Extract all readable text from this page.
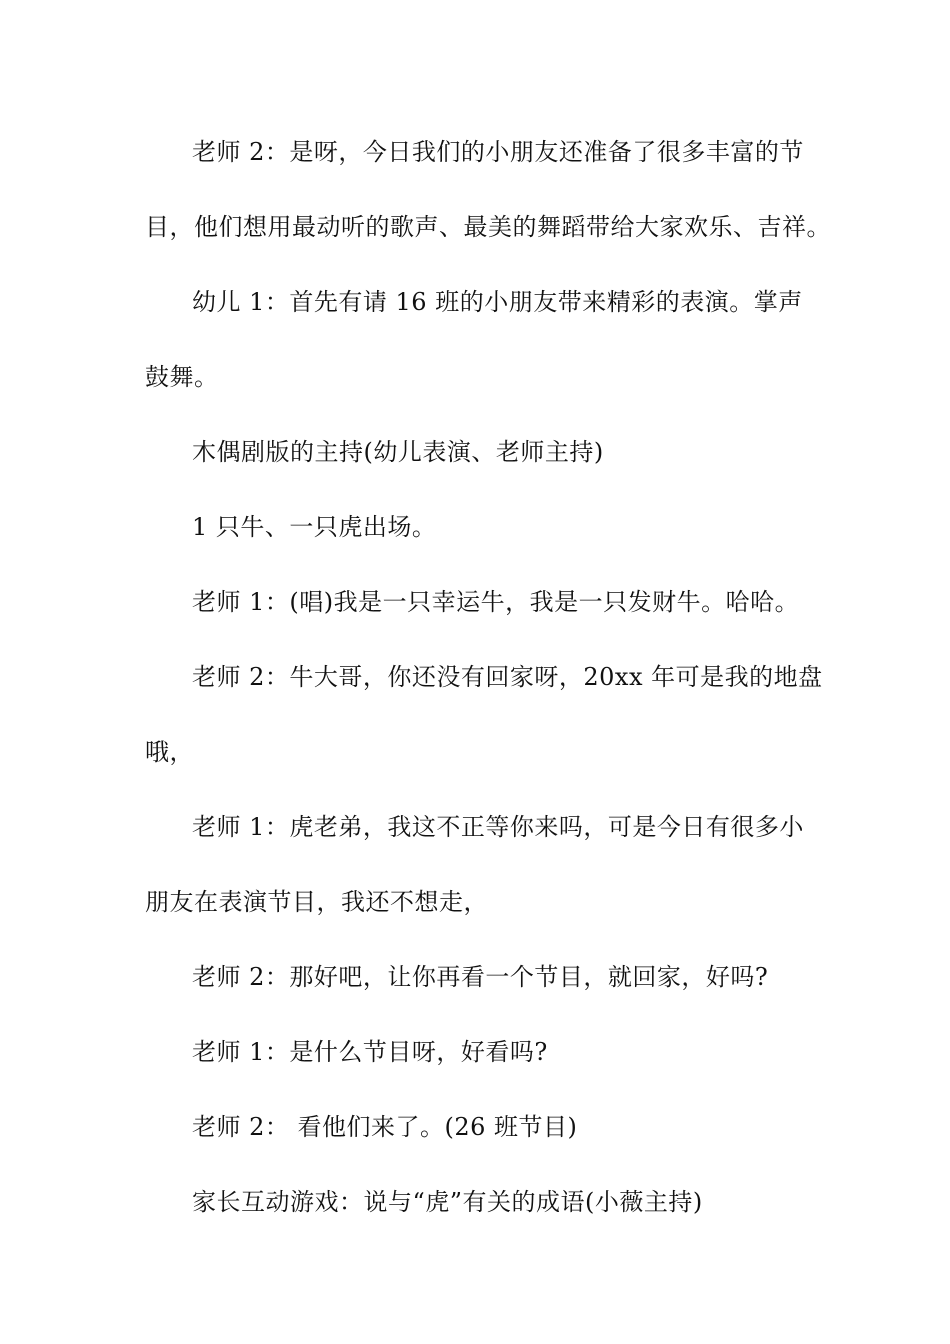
老师 2：是呀，今日我们的小朋友还准备了很多丰富的节
目，他们想用最动听的歌声、最美的舞蹈带给大家欢乐、吉祥。
幼儿 1：首先有请 16 班的小朋友带来精彩的表演。掌声
鼓舞。
木偶剧版的主持(幼儿表演、老师主持)
1 只牛、一只虎出场。
老师 1：(唱)我是一只幸运牛，我是一只发财牛。哈哈。
老师 2：牛大哥，你还没有回家呀，20xx 年可是我的地盘
哦，
老师 1：虎老弟，我这不正等你来吗，可是今日有很多小
朋友在表演节目，我还不想走，
老师 2：那好吧，让你再看一个节目，就回家，好吗?
老师 1：是什么节目呀，好看吗?
老师 2： 看他们来了。(26 班节目)
家长互动游戏：说与“虎”有关的成语(小薇主持)
